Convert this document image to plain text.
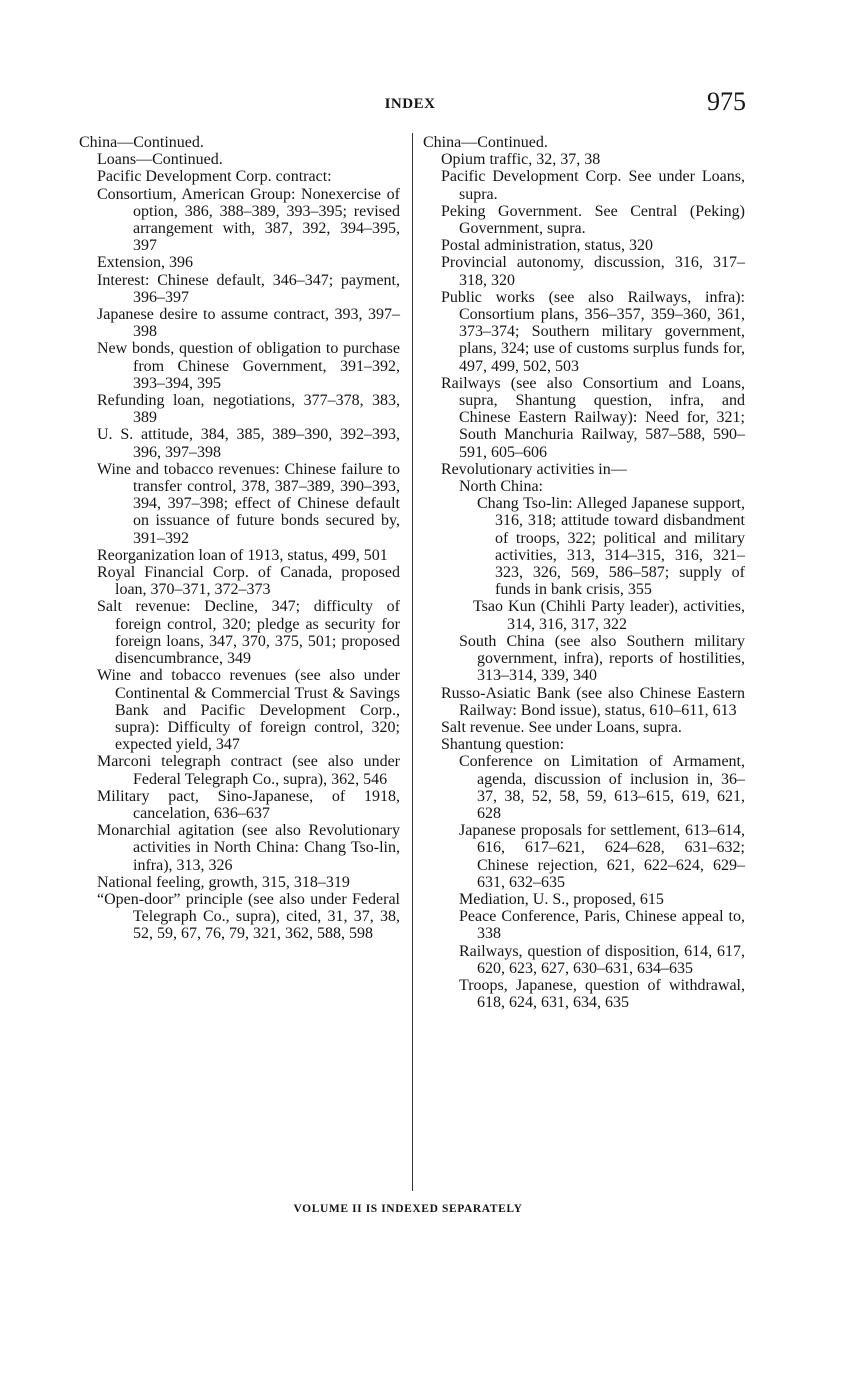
INDEX	975
China—Continued.
Loans—Continued.
Pacific Development Corp. contract:
Consortium, American Group: Nonexercise of option, 386, 388–389, 393–395; revised arrangement with, 387, 392, 394–395, 397
Extension, 396
Interest: Chinese default, 346–347; payment, 396–397
Japanese desire to assume contract, 393, 397–398
New bonds, question of obligation to purchase from Chinese Government, 391–392, 393–394, 395
Refunding loan, negotiations, 377–378, 383, 389
U. S. attitude, 384, 385, 389–390, 392–393, 396, 397–398
Wine and tobacco revenues: Chinese failure to transfer control, 378, 387–389, 390–393, 394, 397–398; effect of Chinese default on issuance of future bonds secured by, 391–392
Reorganization loan of 1913, status, 499, 501
Royal Financial Corp. of Canada, proposed loan, 370–371, 372–373
Salt revenue: Decline, 347; difficulty of foreign control, 320; pledge as security for foreign loans, 347, 370, 375, 501; proposed disencumbrance, 349
Wine and tobacco revenues (see also under Continental & Commercial Trust & Savings Bank and Pacific Development Corp., supra): Difficulty of foreign control, 320; expected yield, 347
Marconi telegraph contract (see also under Federal Telegraph Co., supra), 362, 546
Military pact, Sino-Japanese, of 1918, cancelation, 636–637
Monarchial agitation (see also Revolutionary activities in North China: Chang Tso-lin, infra), 313, 326
National feeling, growth, 315, 318–319
“Open-door” principle (see also under Federal Telegraph Co., supra), cited, 31, 37, 38, 52, 59, 67, 76, 79, 321, 362, 588, 598
China—Continued.
Opium traffic, 32, 37, 38
Pacific Development Corp. See under Loans, supra.
Peking Government. See Central (Peking) Government, supra.
Postal administration, status, 320
Provincial autonomy, discussion, 316, 317–318, 320
Public works (see also Railways, infra): Consortium plans, 356–357, 359–360, 361, 373–374; Southern military government, plans, 324; use of customs surplus funds for, 497, 499, 502, 503
Railways (see also Consortium and Loans, supra, Shantung question, infra, and Chinese Eastern Railway): Need for, 321; South Manchuria Railway, 587–588, 590–591, 605–606
Revolutionary activities in—
North China:
Chang Tso-lin: Alleged Japanese support, 316, 318; attitude toward disbandment of troops, 322; political and military activities, 313, 314–315, 316, 321–323, 326, 569, 586–587; supply of funds in bank crisis, 355
Tsao Kun (Chihli Party leader), activities, 314, 316, 317, 322
South China (see also Southern military government, infra), reports of hostilities, 313–314, 339, 340
Russo-Asiatic Bank (see also Chinese Eastern Railway: Bond issue), status, 610–611, 613
Salt revenue. See under Loans, supra.
Shantung question:
Conference on Limitation of Armament, agenda, discussion of inclusion in, 36–37, 38, 52, 58, 59, 613–615, 619, 621, 628
Japanese proposals for settlement, 613–614, 616, 617–621, 624–628, 631–632; Chinese rejection, 621, 622–624, 629–631, 632–635
Mediation, U. S., proposed, 615
Peace Conference, Paris, Chinese appeal to, 338
Railways, question of disposition, 614, 617, 620, 623, 627, 630–631, 634–635
Troops, Japanese, question of withdrawal, 618, 624, 631, 634, 635
VOLUME II IS INDEXED SEPARATELY
